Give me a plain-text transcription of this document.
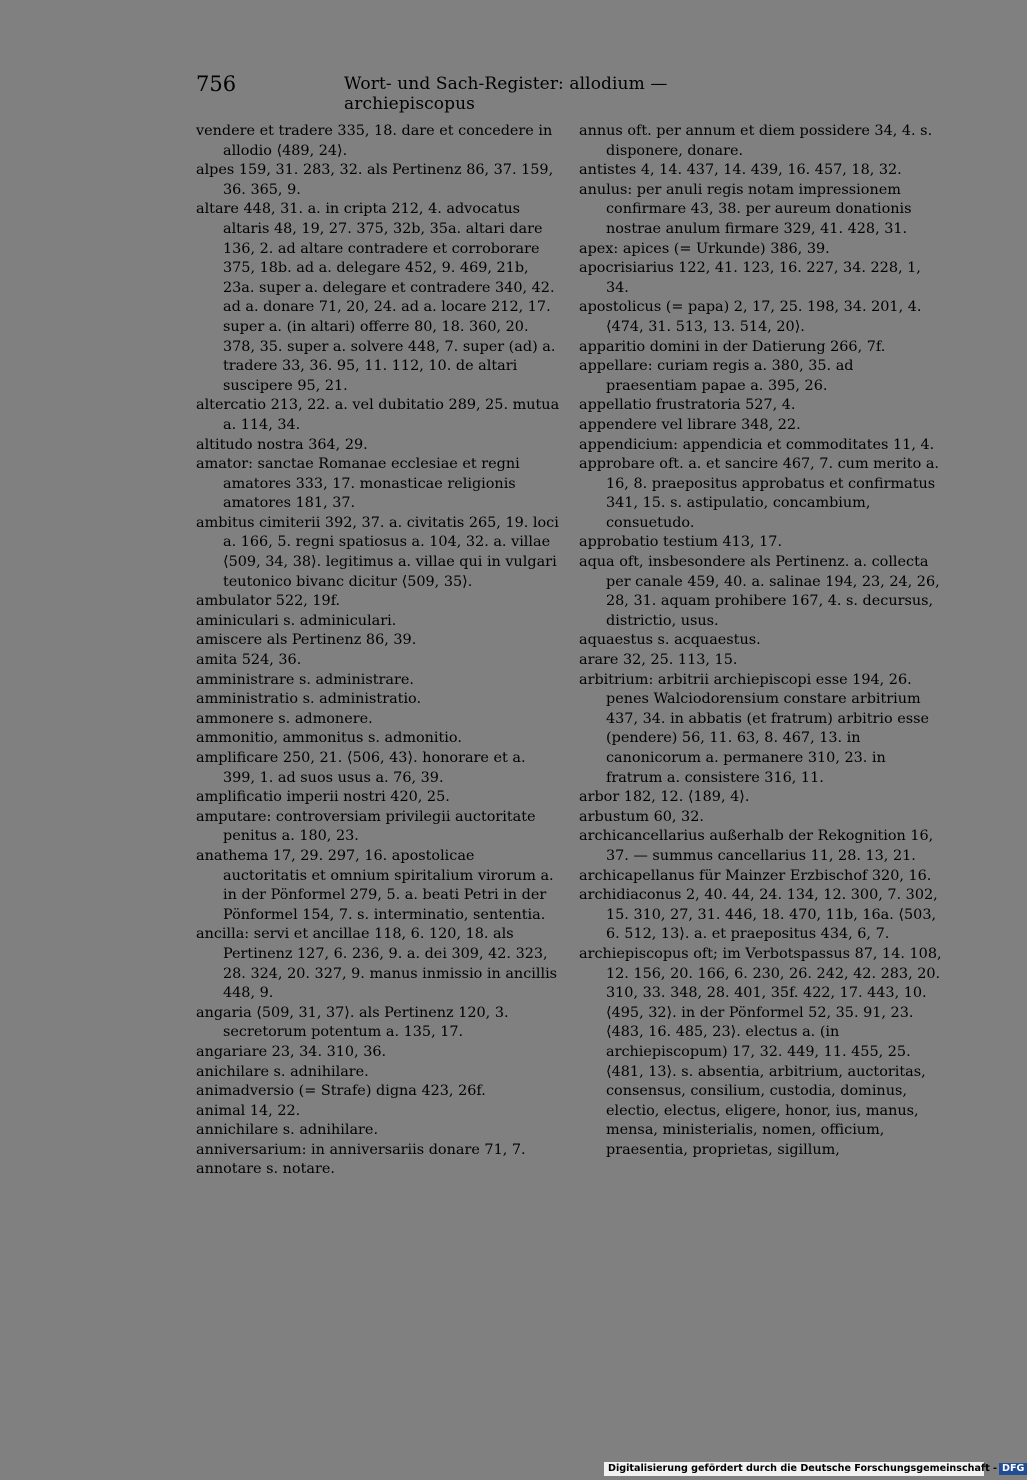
756	Wort- und Sach-Register: allodium — archiepiscopus

vendere et tradere 335, 18. dare et concedere in allodio ⟨489, 24⟩.

alpes 159, 31. 283, 32. als Pertinenz 86, 37. 159, 36. 365, 9.

altare 448, 31. a. in cripta 212, 4. advocatus altaris 48, 19, 27. 375, 32b, 35a. altari dare 136, 2. ad altare contradere et corroborare 375, 18b. ad a. delegare 452, 9. 469, 21b, 23a. super a. delegare et contradere 340, 42. ad a. donare 71, 20, 24. ad a. locare 212, 17. super a. (in altari) offerre 80, 18. 360, 20. 378, 35. super a. solvere 448, 7. super (ad) a. tradere 33, 36. 95, 11. 112, 10. de altari suscipere 95, 21.

altercatio 213, 22. a. vel dubitatio 289, 25. mutua a. 114, 34.

altitudo nostra 364, 29.

amator: sanctae Romanae ecclesiae et regni amatores 333, 17. monasticae religionis amatores 181, 37.

ambitus cimiterii 392, 37. a. civitatis 265, 19. loci a. 166, 5. regni spatiosus a. 104, 32. a. villae ⟨509, 34, 38⟩. legitimus a. villae qui in vulgari teutonico bivanc dicitur ⟨509, 35⟩.

ambulator 522, 19f.

aminiculari s. adminiculari.

amiscere als Pertinenz 86, 39.

amita 524, 36.

amministrare s. administrare.

amministratio s. administratio.

ammonere s. admonere.

ammonitio, ammonitus s. admonitio.

amplificare 250, 21. ⟨506, 43⟩. honorare et a. 399, 1. ad suos usus a. 76, 39.

amplificatio imperii nostri 420, 25.

amputare: controversiam privilegii auctoritate penitus a. 180, 23.

anathema 17, 29. 297, 16. apostolicae auctoritatis et omnium spiritalium virorum a. in der Pönformel 279, 5. a. beati Petri in der Pönformel 154, 7. s. interminatio, sententia.

ancilla: servi et ancillae 118, 6. 120, 18. als Pertinenz 127, 6. 236, 9. a. dei 309, 42. 323, 28. 324, 20. 327, 9. manus inmissio in ancillis 448, 9.

angaria ⟨509, 31, 37⟩. als Pertinenz 120, 3. secretorum potentum a. 135, 17.

angariare 23, 34. 310, 36.

anichilare s. adnihilare.

animadversio (= Strafe) digna 423, 26f.

animal 14, 22.

annichilare s. adnihilare.

anniversarium: in anniversariis donare 71, 7.

annotare s. notare.

annus oft. per annum et diem possidere 34, 4. s. disponere, donare.

antistes 4, 14. 437, 14. 439, 16. 457, 18, 32.

anulus: per anuli regis notam impressionem confirmare 43, 38. per aureum donationis nostrae anulum firmare 329, 41. 428, 31.

apex: apices (= Urkunde) 386, 39.

apocrisiarius 122, 41. 123, 16. 227, 34. 228, 1, 34.

apostolicus (= papa) 2, 17, 25. 198, 34. 201, 4. ⟨474, 31. 513, 13. 514, 20⟩.

apparitio domini in der Datierung 266, 7f.

appellare: curiam regis a. 380, 35. ad praesentiam papae a. 395, 26.

appellatio frustratoria 527, 4.

appendere vel librare 348, 22.

appendicium: appendicia et commoditates 11, 4.

approbare oft. a. et sancire 467, 7. cum merito a. 16, 8. praepositus approbatus et confirmatus 341, 15. s. astipulatio, concambium, consuetudo.

approbatio testium 413, 17.

aqua oft, insbesondere als Pertinenz. a. collecta per canale 459, 40. a. salinae 194, 23, 24, 26, 28, 31. aquam prohibere 167, 4. s. decursus, districtio, usus.

aquaestus s. acquaestus.

arare 32, 25. 113, 15.

arbitrium: arbitrii archiepiscopi esse 194, 26. penes Walciodorensium constare arbitrium 437, 34. in abbatis (et fratrum) arbitrio esse (pendere) 56, 11. 63, 8. 467, 13. in canonicorum a. permanere 310, 23. in fratrum a. consistere 316, 11.

arbor 182, 12. ⟨189, 4⟩.

arbustum 60, 32.

archicancellarius außerhalb der Rekognition 16, 37. — summus cancellarius 11, 28. 13, 21.

archicapellanus für Mainzer Erzbischof 320, 16.

archidiaconus 2, 40. 44, 24. 134, 12. 300, 7. 302, 15. 310, 27, 31. 446, 18. 470, 11b, 16a. ⟨503, 6. 512, 13⟩. a. et praepositus 434, 6, 7.

archiepiscopus oft; im Verbotspassus 87, 14. 108, 12. 156, 20. 166, 6. 230, 26. 242, 42. 283, 20. 310, 33. 348, 28. 401, 35f. 422, 17. 443, 10. ⟨495, 32⟩. in der Pönformel 52, 35. 91, 23. ⟨483, 16. 485, 23⟩. electus a. (in archiepiscopum) 17, 32. 449, 11. 455, 25. ⟨481, 13⟩. s. absentia, arbitrium, auctoritas, consensus, consilium, custodia, dominus, electio, electus, eligere, honor, ius, manus, mensa, ministerialis, nomen, officium, praesentia, proprietas, sigillum,

Digitalisierung gefördert durch die Deutsche Forschungsgemeinschaft - DFG
